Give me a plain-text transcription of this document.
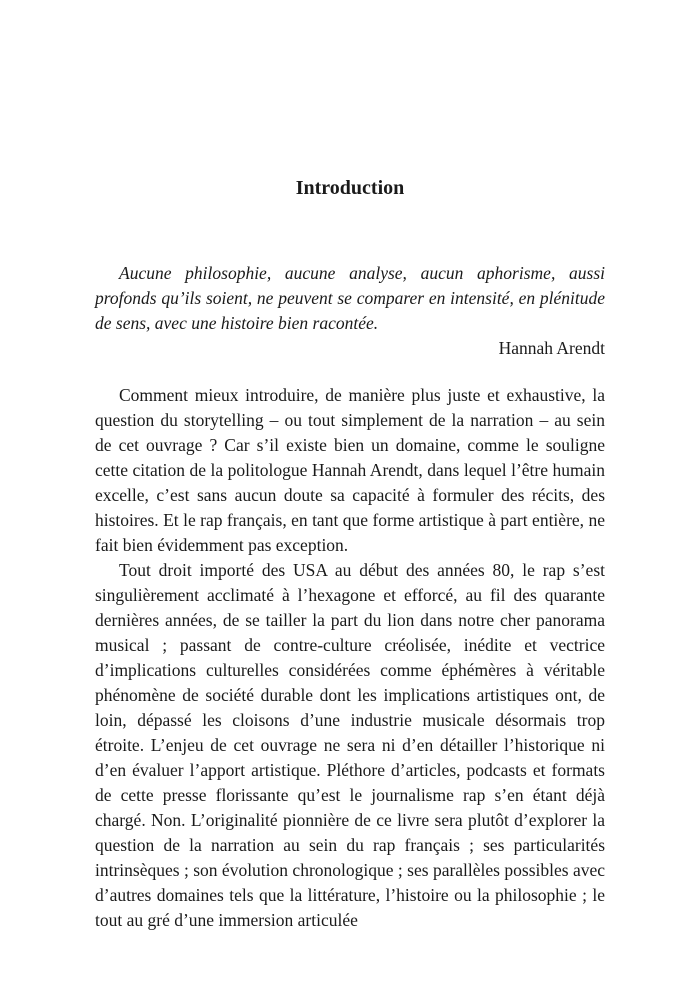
Introduction

Aucune philosophie, aucune analyse, aucun aphorisme, aussi profonds qu’ils soient, ne peuvent se comparer en intensité, en plénitude de sens, avec une histoire bien racontée.

Hannah Arendt

Comment mieux introduire, de manière plus juste et exhaustive, la question du storytelling – ou tout simplement de la narration – au sein de cet ouvrage ? Car s’il existe bien un domaine, comme le souligne cette citation de la politologue Hannah Arendt, dans lequel l’être humain excelle, c’est sans aucun doute sa capacité à formuler des récits, des histoires. Et le rap français, en tant que forme artistique à part entière, ne fait bien évidemment pas exception.

Tout droit importé des USA au début des années 80, le rap s’est singulièrement acclimaté à l’hexagone et efforcé, au fil des quarante dernières années, de se tailler la part du lion dans notre cher panorama musical ; passant de contre-culture créolisée, inédite et vectrice d’implications culturelles considérées comme éphémères à véritable phénomène de société durable dont les implications artistiques ont, de loin, dépassé les cloisons d’une industrie musicale désormais trop étroite. L’enjeu de cet ouvrage ne sera ni d’en détailler l’historique ni d’en évaluer l’apport artistique. Pléthore d’articles, podcasts et formats de cette presse florissante qu’est le journalisme rap s’en étant déjà chargé. Non. L’originalité pionnière de ce livre sera plutôt d’explorer la question de la narration au sein du rap français ; ses particularités intrinsèques ; son évolution chronologique ; ses parallèles possibles avec d’autres domaines tels que la littérature, l’histoire ou la philosophie ; le tout au gré d’une immersion articulée
